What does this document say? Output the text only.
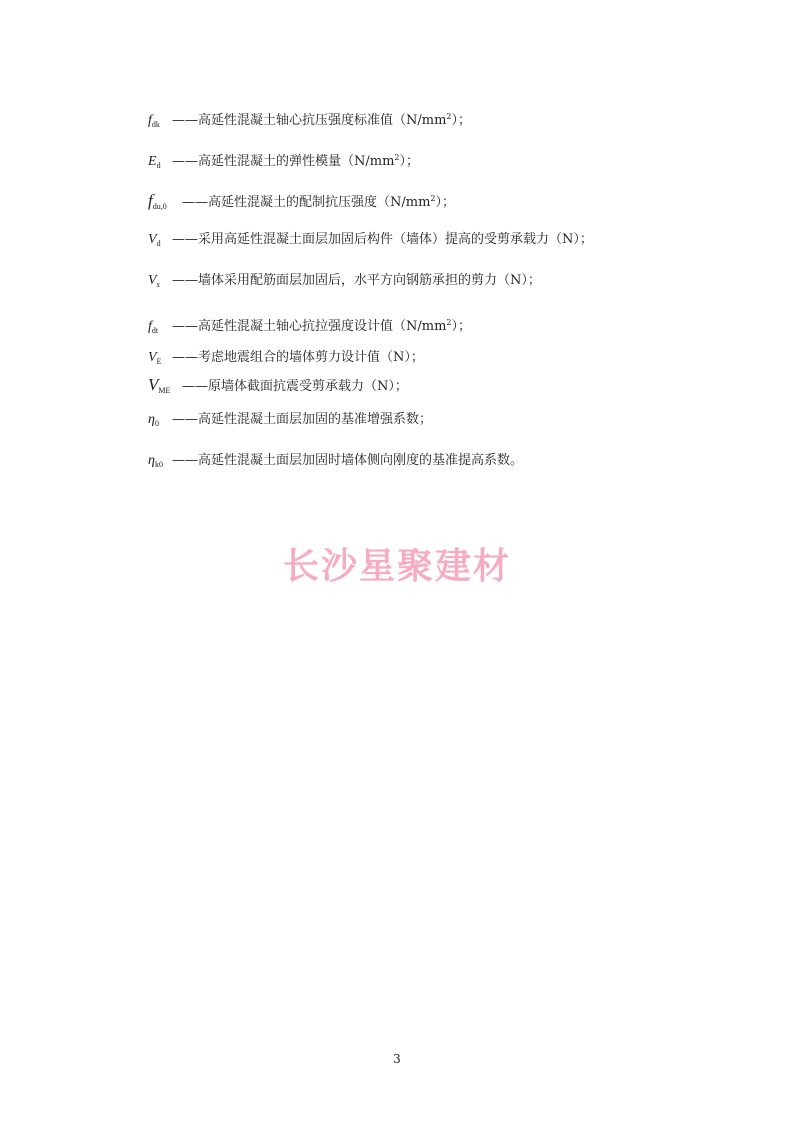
$f_{dk}$ ——高延性混凝土轴心抗压强度标准值$(N/mm^2)$；
$E_d$ ——高延性混凝土的弹性模量$(N/mm^2)$；
$f_{du,0}$ ——高延性混凝土的配制抗压强度$(N/mm^2)$；
$V_d$ ——采用高延性混凝土面层加固后构件（墙体）提高的受剪承载力（N）；
$V_s$ ——墙体采用配筋面层加固后，水平方向钢筋承担的剪力（N）；
$f_{dt}$ ——高延性混凝土轴心抗拉强度设计值$(N/mm^2)$；
$V_E$ ——考虑地震组合的墙体剪力设计值（N）；
$V_{ME}$ ——原墙体截面抗震受剪承载力（N）；
$\eta_0$ ——高延性混凝土面层加固的基准增强系数；
$\eta_{k0}$ ——高延性混凝土面层加固时墙体侧向刚度的基准提高系数。
长沙星聚建材
3
